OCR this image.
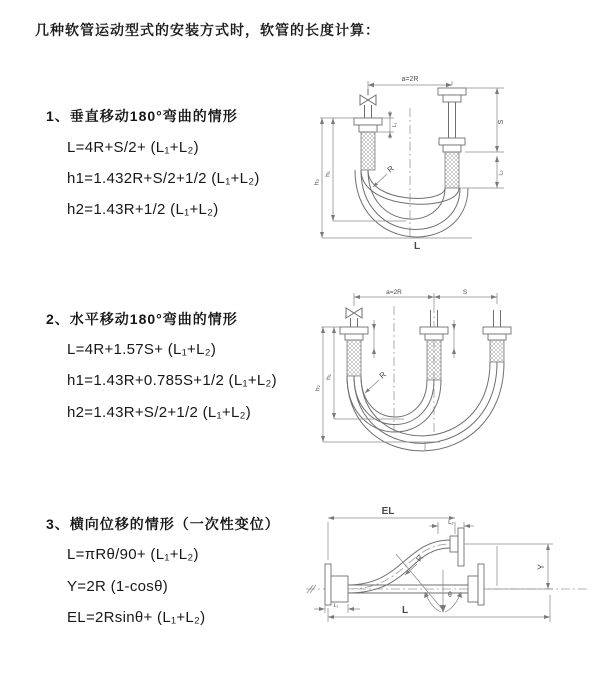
几种软管运动型式的安装方式时，软管的长度计算：
1、垂直移动180°弯曲的情形
L=4R+S/2+ (L₁+L₂)
h1=1.432R+S/2+1/2 (L₁+L₂)
h2=1.43R+1/2 (L₁+L₂)
2、水平移动180°弯曲的情形
L=4R+1.57S+ (L₁+L₂)
h1=1.43R+0.785S+1/2 (L₁+L₂)
h2=1.43R+S/2+1/2 (L₁+L₂)
3、横向位移的情形（一次性变位）
L=πRθ/90+ (L₁+L₂)
Y=2R (1-cosθ)
EL=2Rsinθ+ (L₁+L₂)
a=2R
S
L₂
L₁
h₁
h₂
R
L
a=2R	S
h₁
h₂
R
EL
L₂
Y
R
θ
L₁	L
